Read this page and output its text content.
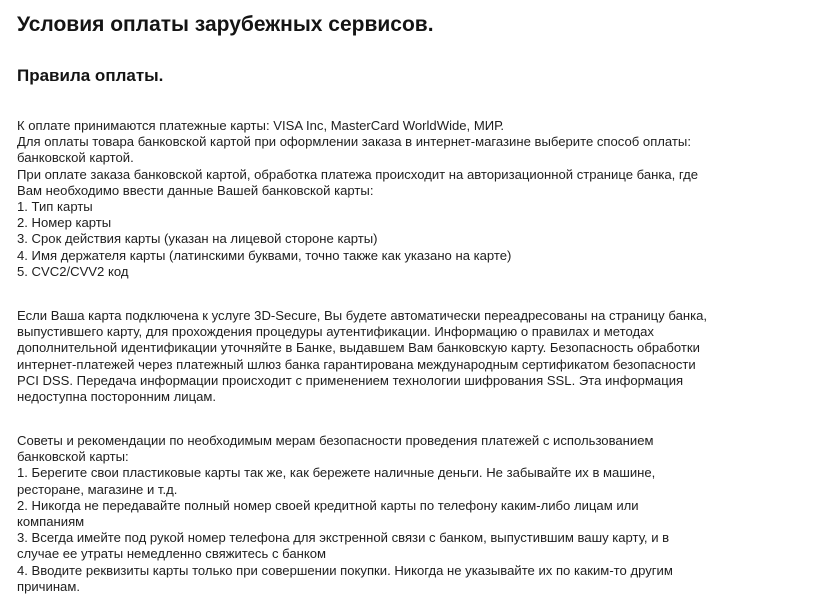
Условия оплаты зарубежных сервисов.
Правила оплаты.
К оплате принимаются платежные карты: VISA Inc, MasterCard WorldWide, МИР.
Для оплаты товара банковской картой при оформлении заказа в интернет-магазине выберите способ оплаты:
банковской картой.
При оплате заказа банковской картой, обработка платежа происходит на авторизационной странице банка, где
Вам необходимо ввести данные Вашей банковской карты:
1. Тип карты
2. Номер карты
3. Срок действия карты (указан на лицевой стороне карты)
4. Имя держателя карты (латинскими буквами, точно также как указано на карте)
5. CVC2/CVV2 код
Если Ваша карта подключена к услуге 3D-Secure, Вы будете автоматически переадресованы на страницу банка,
выпустившего карту, для прохождения процедуры аутентификации. Информацию о правилах и методах
дополнительной идентификации уточняйте в Банке, выдавшем Вам банковскую карту. Безопасность обработки
интернет-платежей через платежный шлюз банка гарантирована международным сертификатом безопасности
PCI DSS. Передача информации происходит с применением технологии шифрования SSL. Эта информация
недоступна посторонним лицам.
Советы и рекомендации по необходимым мерам безопасности проведения платежей с использованием
банковской карты:
1. Берегите свои пластиковые карты так же, как бережете наличные деньги. Не забывайте их в машине,
ресторане, магазине и т.д.
2. Никогда не передавайте полный номер своей кредитной карты по телефону каким-либо лицам или
компаниям
3. Всегда имейте под рукой номер телефона для экстренной связи с банком, выпустившим вашу карту, и в
случае ее утраты немедленно свяжитесь с банком
4. Вводите реквизиты карты только при совершении покупки. Никогда не указывайте их по каким-то другим
причинам.
